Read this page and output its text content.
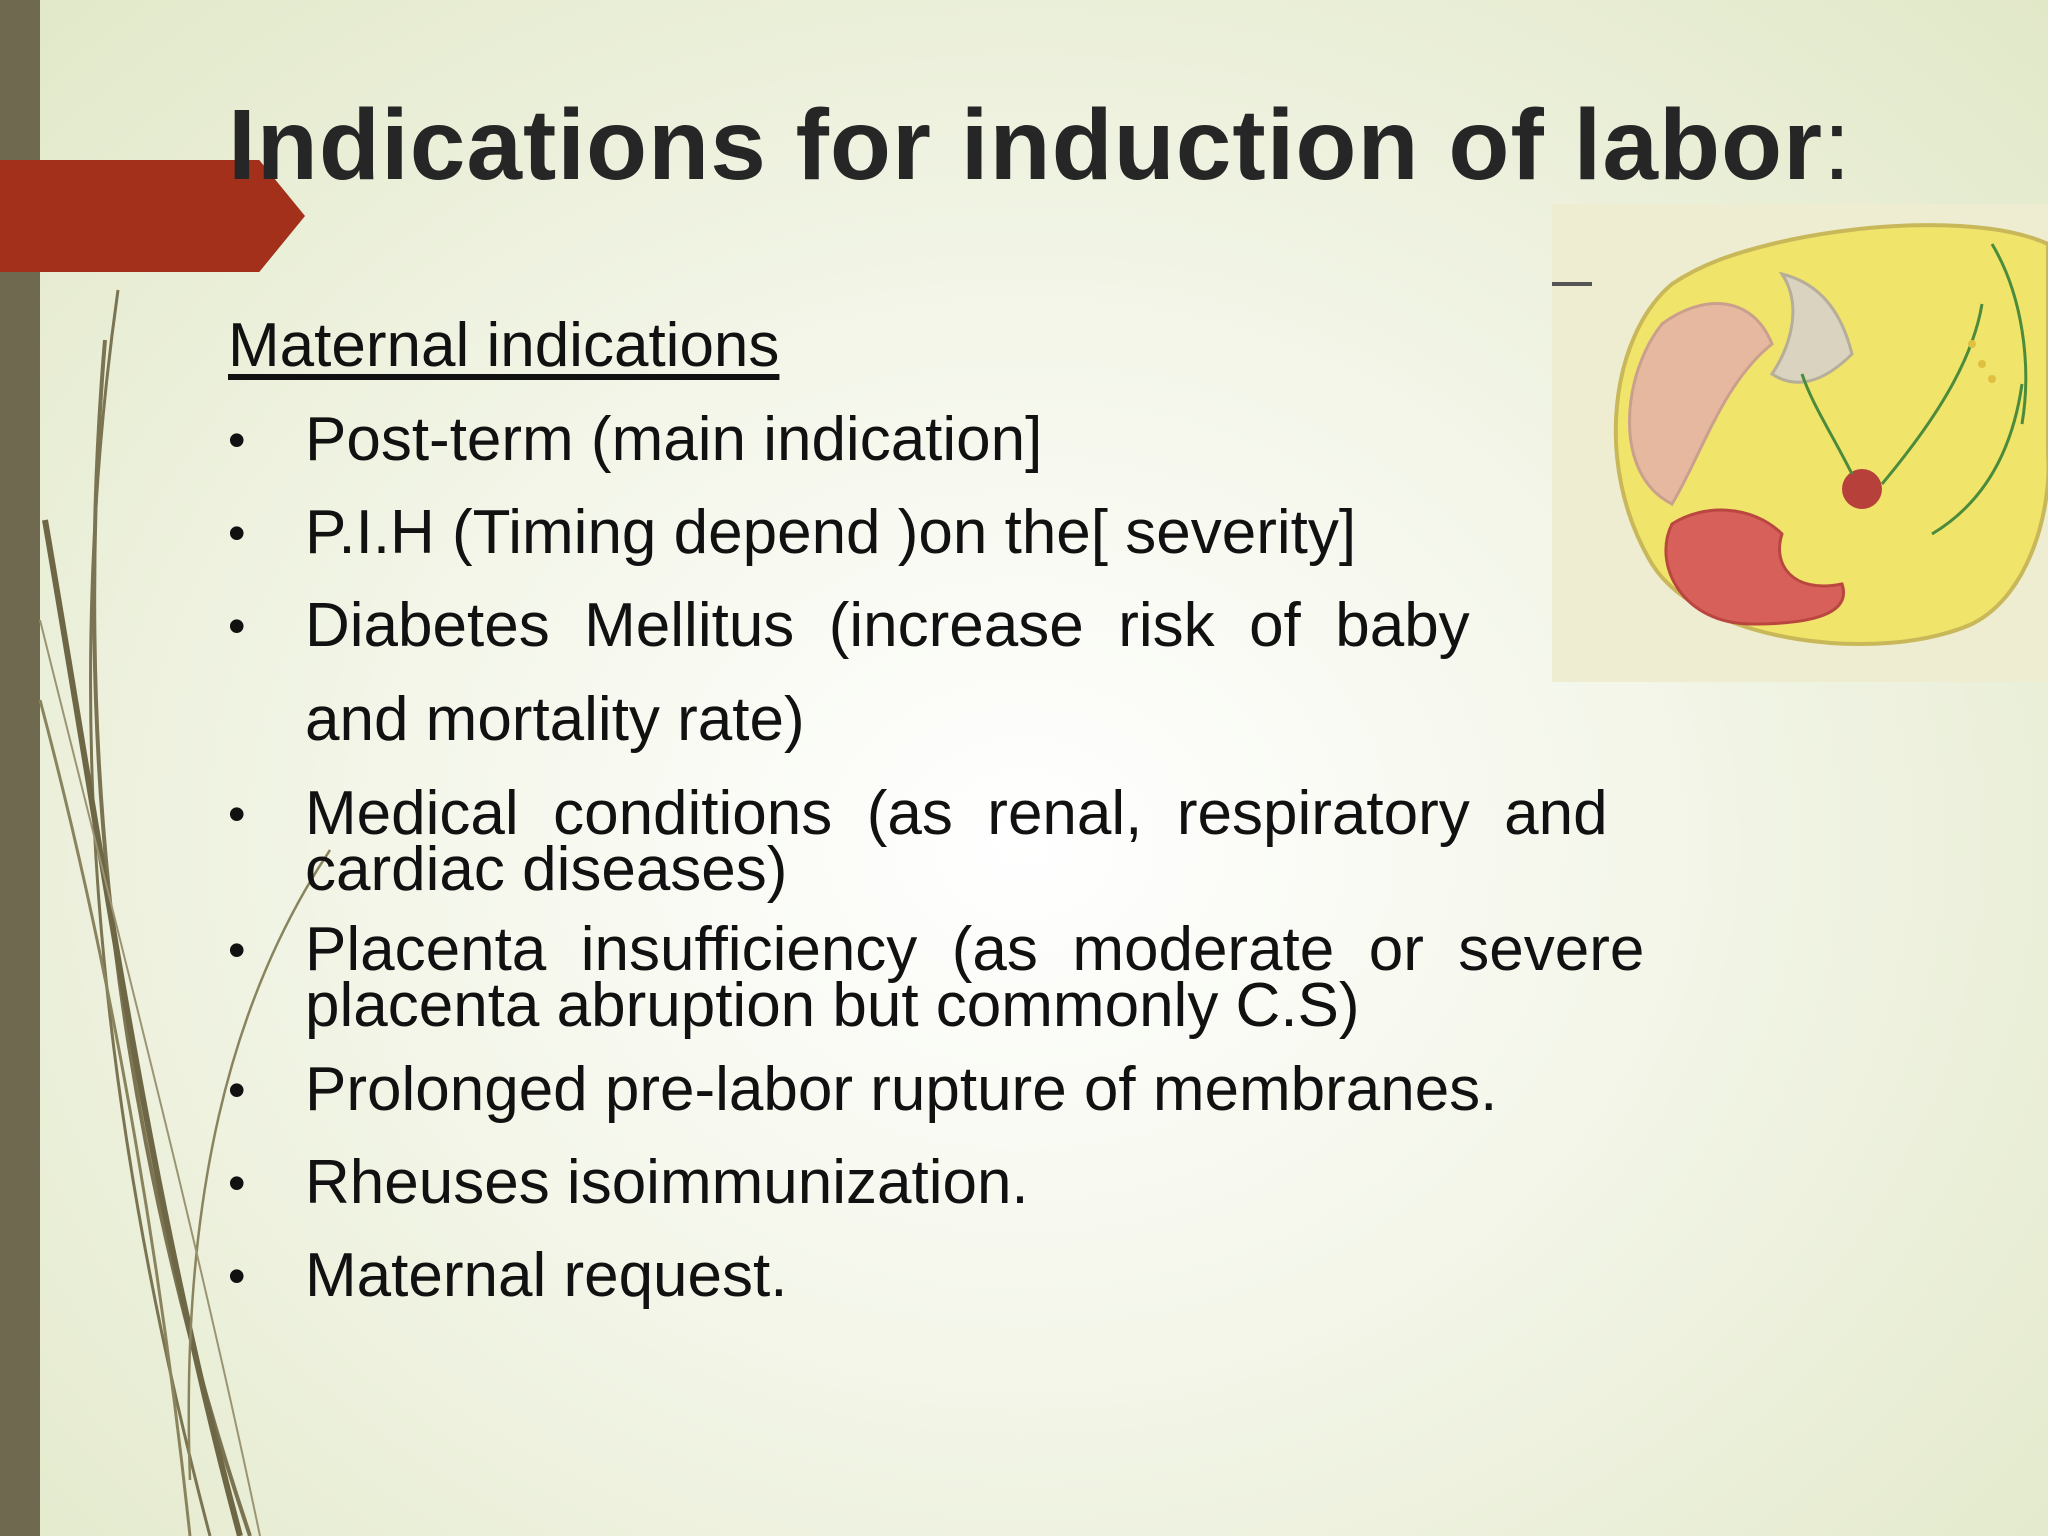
Indications for induction of labor:
Maternal indications
• Post-term (main indication]
• P.I.H (Timing depend )on the[ severity]
• Diabetes  Mellitus  (increase  risk  of  baby
and mortality rate)
• Medical  conditions  (as  renal,  respiratory  and
cardiac diseases)
• Placenta  insufficiency  (as  moderate  or  severe
placenta abruption but commonly C.S)
• Prolonged pre-labor rupture of membranes.
• Rheuses isoimmunization.
• Maternal request.
